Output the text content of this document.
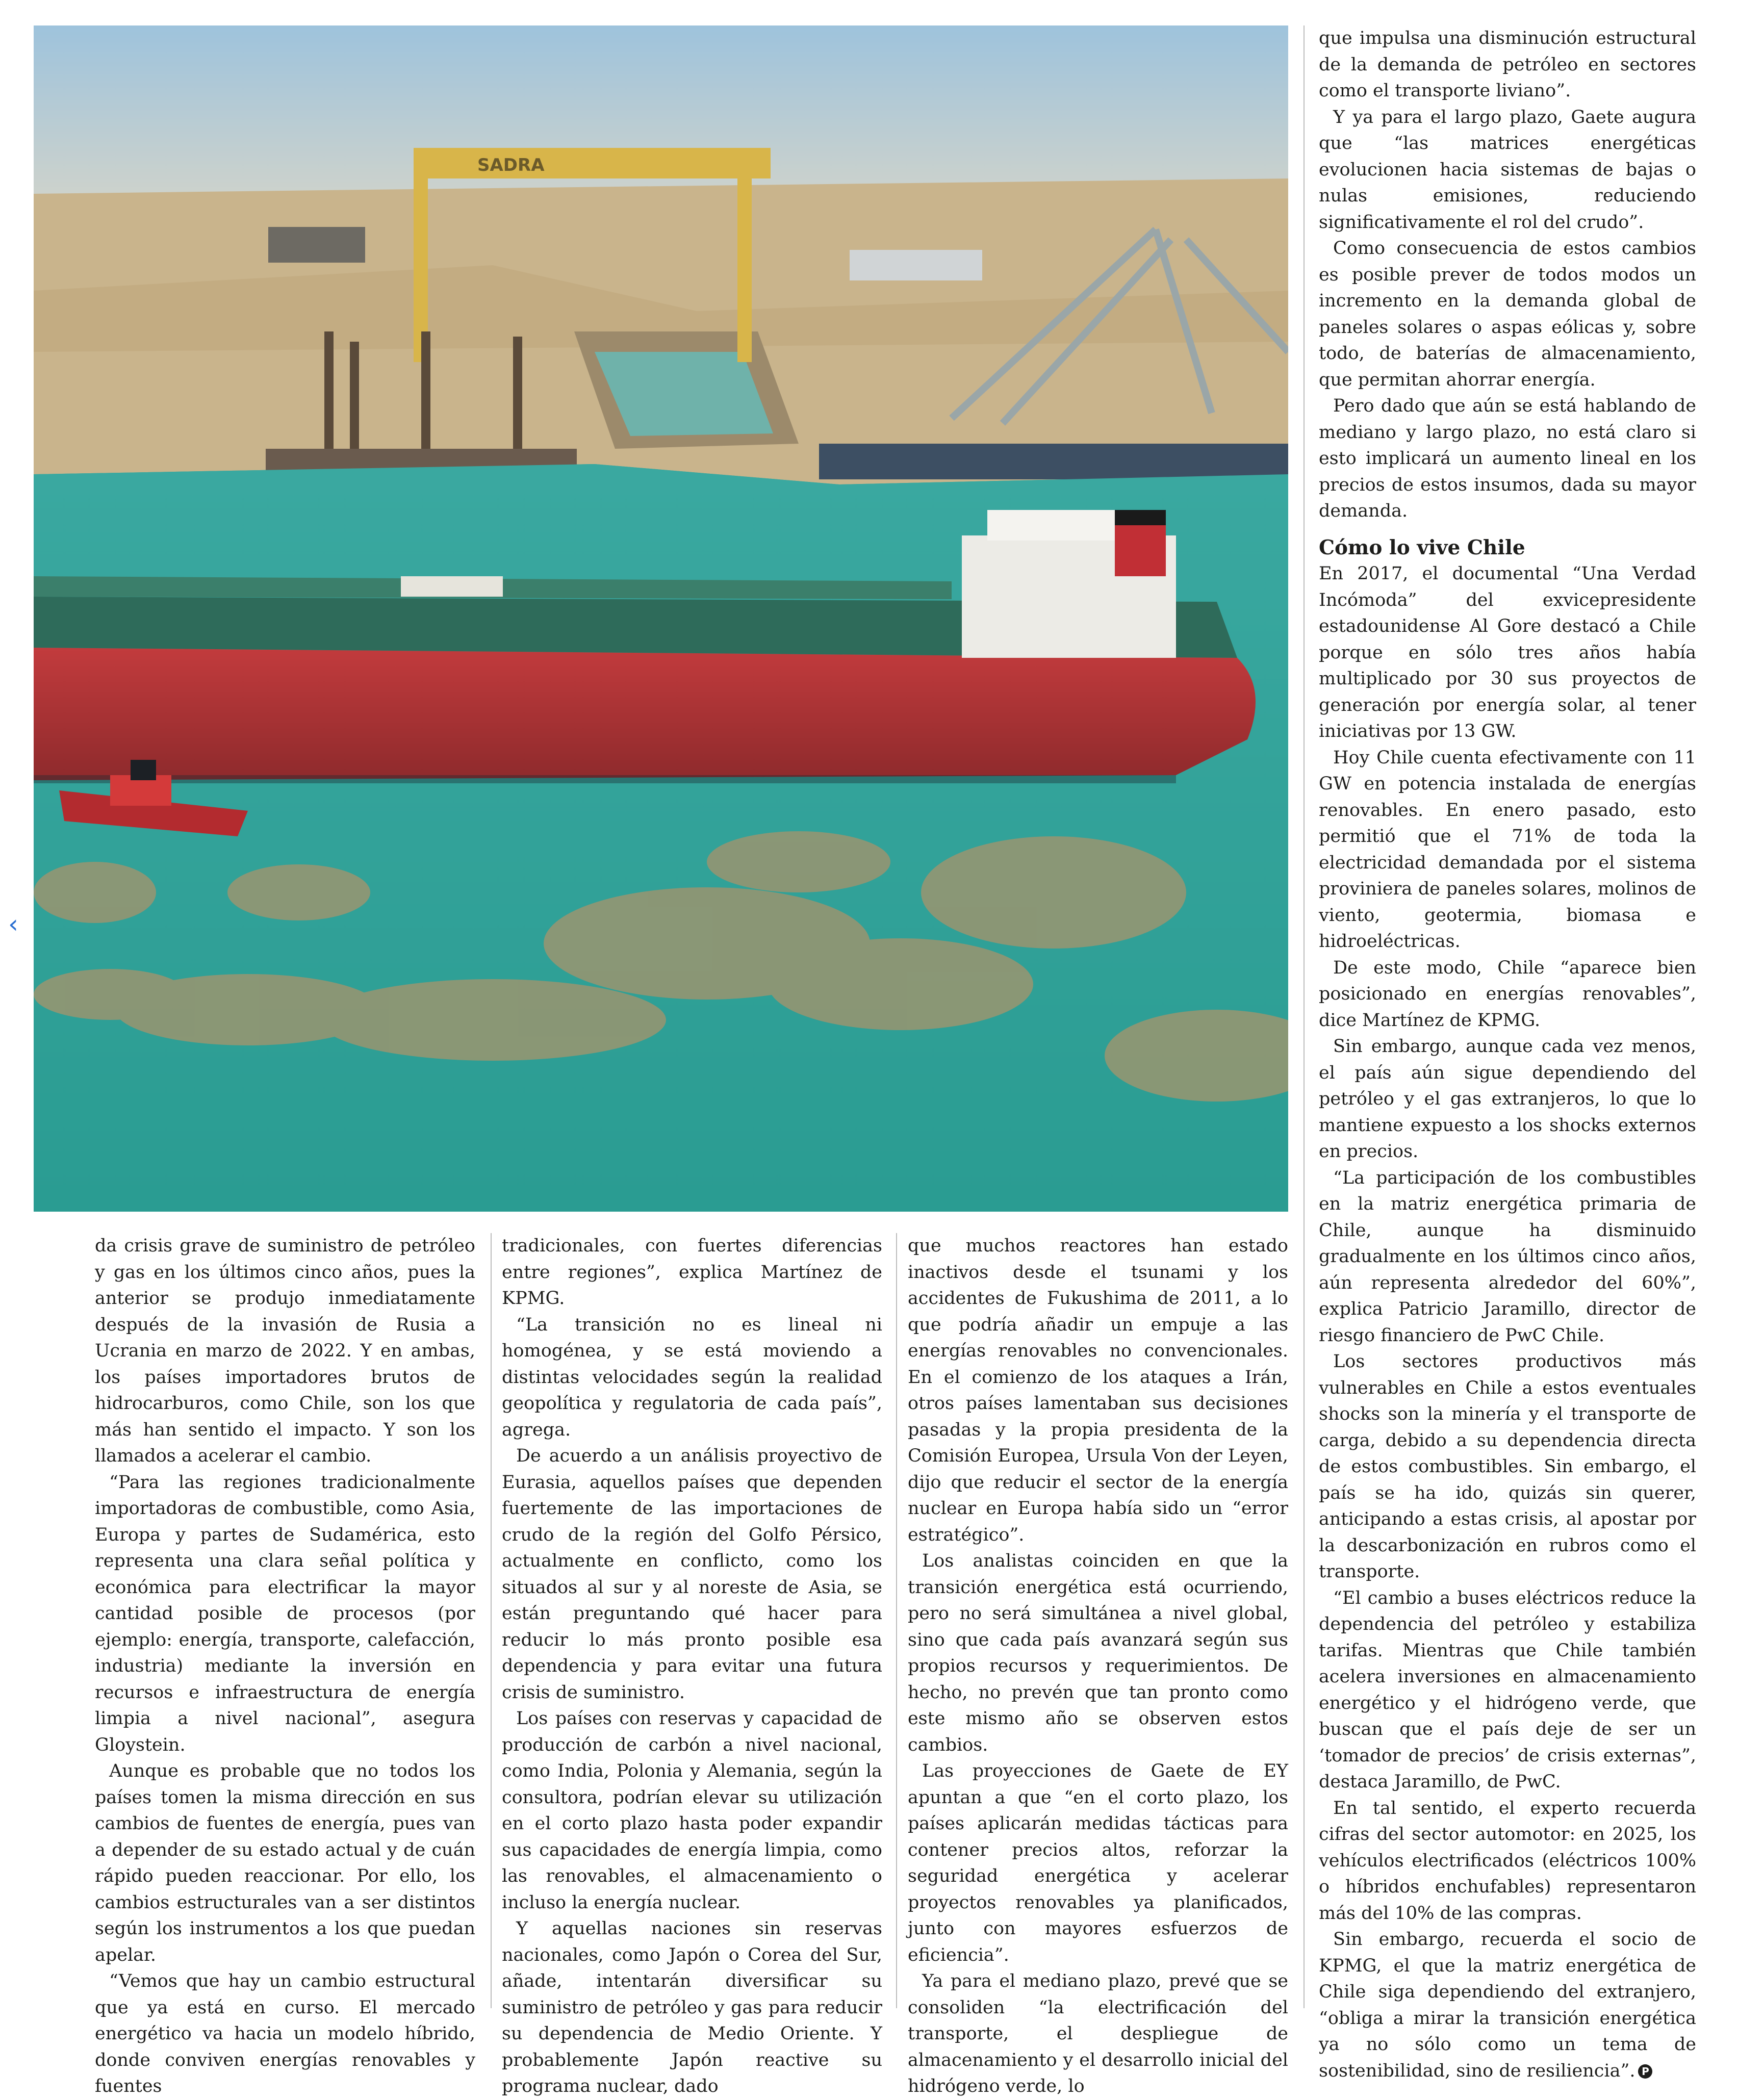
SADRA
‹

da crisis grave de suministro de petróleo y gas en los últimos cinco años, pues la anterior se produjo inmediatamente después de la invasión de Rusia a Ucrania en marzo de 2022. Y en ambas, los países importadores brutos de hidrocarburos, como Chile, son los que más han sentido el impacto. Y son los llamados a acelerar el cambio.

“Para las regiones tradicionalmente importadoras de combustible, como Asia, Europa y partes de Sudamérica, esto representa una clara señal política y económica para electrificar la mayor cantidad posible de procesos (por ejemplo: energía, transporte, calefacción, industria) mediante la inversión en recursos e infraestructura de energía limpia a nivel nacional”, asegura Gloystein.

Aunque es probable que no todos los países tomen la misma dirección en sus cambios de fuentes de energía, pues van a depender de su estado actual y de cuán rápido pueden reaccionar. Por ello, los cambios estructurales van a ser distintos según los instrumentos a los que puedan apelar.

“Vemos que hay un cambio estructural que ya está en curso. El mercado energético va hacia un modelo híbrido, donde conviven energías renovables y fuentes

tradicionales, con fuertes diferencias entre regiones”, explica Martínez de KPMG.

“La transición no es lineal ni homogénea, y se está moviendo a distintas velocidades según la realidad geopolítica y regulatoria de cada país”, agrega.

De acuerdo a un análisis proyectivo de Eurasia, aquellos países que dependen fuertemente de las importaciones de crudo de la región del Golfo Pérsico, actualmente en conflicto, como los situados al sur y al noreste de Asia, se están preguntando qué hacer para reducir lo más pronto posible esa dependencia y para evitar una futura crisis de suministro.

Los países con reservas y capacidad de producción de carbón a nivel nacional, como India, Polonia y Alemania, según la consultora, podrían elevar su utilización en el corto plazo hasta poder expandir sus capacidades de energía limpia, como las renovables, el almacenamiento o incluso la energía nuclear.

Y aquellas naciones sin reservas nacionales, como Japón o Corea del Sur, añade, intentarán diversificar su suministro de petróleo y gas para reducir su dependencia de Medio Oriente. Y probablemente Japón reactive su programa nuclear, dado

que muchos reactores han estado inactivos desde el tsunami y los accidentes de Fukushima de 2011, a lo que podría añadir un empuje a las energías renovables no convencionales. En el comienzo de los ataques a Irán, otros países lamentaban sus decisiones pasadas y la propia presidenta de la Comisión Europea, Ursula Von der Leyen, dijo que reducir el sector de la energía nuclear en Europa había sido un “error estratégico”.

Los analistas coinciden en que la transición energética está ocurriendo, pero no será simultánea a nivel global, sino que cada país avanzará según sus propios recursos y requerimientos. De hecho, no prevén que tan pronto como este mismo año se observen estos cambios.

Las proyecciones de Gaete de EY apuntan a que “en el corto plazo, los países aplicarán medidas tácticas para contener precios altos, reforzar la seguridad energética y acelerar proyectos renovables ya planificados, junto con mayores esfuerzos de eficiencia”.

Ya para el mediano plazo, prevé que se consoliden “la electrificación del transporte, el despliegue de almacenamiento y el desarrollo inicial del hidrógeno verde, lo

que impulsa una disminución estructural de la demanda de petróleo en sectores como el transporte liviano”.

Y ya para el largo plazo, Gaete augura que “las matrices energéticas evolucionen hacia sistemas de bajas o nulas emisiones, reduciendo significativamente el rol del crudo”.

Como consecuencia de estos cambios es posible prever de todos modos un incremento en la demanda global de paneles solares o aspas eólicas y, sobre todo, de baterías de almacenamiento, que permitan ahorrar energía.

Pero dado que aún se está hablando de mediano y largo plazo, no está claro si esto implicará un aumento lineal en los precios de estos insumos, dada su mayor demanda.

Cómo lo vive Chile

En 2017, el documental “Una Verdad Incómoda” del exvicepresidente estadounidense Al Gore destacó a Chile porque en sólo tres años había multiplicado por 30 sus proyectos de generación por energía solar, al tener iniciativas por 13 GW.

Hoy Chile cuenta efectivamente con 11 GW en potencia instalada de energías renovables. En enero pasado, esto permitió que el 71% de toda la electricidad demandada por el sistema proviniera de paneles solares, molinos de viento, geotermia, biomasa e hidroeléctricas.

De este modo, Chile “aparece bien posicionado en energías renovables”, dice Martínez de KPMG.

Sin embargo, aunque cada vez menos, el país aún sigue dependiendo del petróleo y el gas extranjeros, lo que lo mantiene expuesto a los shocks externos en precios.

“La participación de los combustibles en la matriz energética primaria de Chile, aunque ha disminuido gradualmente en los últimos cinco años, aún representa alrededor del 60%”, explica Patricio Jaramillo, director de riesgo financiero de PwC Chile.

Los sectores productivos más vulnerables en Chile a estos eventuales shocks son la minería y el transporte de carga, debido a su dependencia directa de estos combustibles. Sin embargo, el país se ha ido, quizás sin querer, anticipando a estas crisis, al apostar por la descarbonización en rubros como el transporte.

“El cambio a buses eléctricos reduce la dependencia del petróleo y estabiliza tarifas. Mientras que Chile también acelera inversiones en almacenamiento energético y el hidrógeno verde, que buscan que el país deje de ser un ‘tomador de precios’ de crisis externas”, destaca Jaramillo, de PwC.

En tal sentido, el experto recuerda cifras del sector automotor: en 2025, los vehículos electrificados (eléctricos 100% o híbridos enchufables) representaron más del 10% de las compras.

Sin embargo, recuerda el socio de KPMG, el que la matriz energética de Chile siga dependiendo del extranjero, “obliga a mirar la transición energética ya no sólo como un tema de sostenibilidad, sino de resiliencia”. P
